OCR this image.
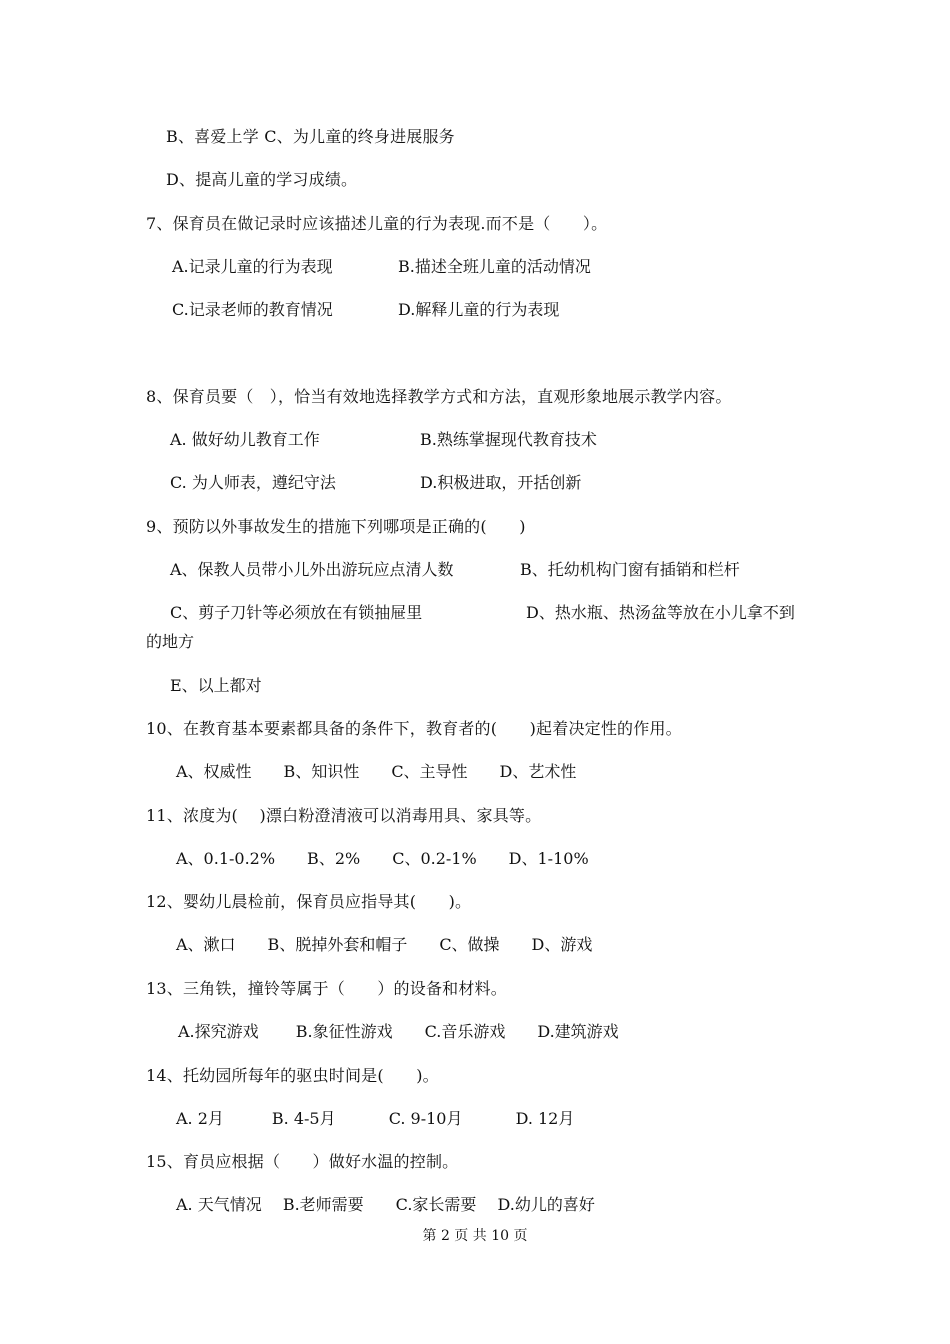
B、喜爱上学 C、为儿童的终身进展服务
D、提高儿童的学习成绩。
7、保育员在做记录时应该描述儿童的行为表现.而不是（　　）。
A.记录儿童的行为表现	B.描述全班儿童的活动情况
C.记录老师的教育情况	D.解释儿童的行为表现
8、保育员要（　），恰当有效地选择教学方式和方法，直观形象地展示教学内容。
A. 做好幼儿教育工作	B.熟练掌握现代教育技术
C. 为人师表，遵纪守法	D.积极进取，开括创新
9、预防以外事故发生的措施下列哪项是正确的(　　)
A、保教人员带小儿外出游玩应点清人数	B、托幼机构门窗有插销和栏杆
C、剪子刀针等必须放在有锁抽屉里	D、热水瓶、热汤盆等放在小儿拿不到
的地方
E、以上都对
10、在教育基本要素都具备的条件下，教育者的(　　)起着决定性的作用。
A、权威性　　B、知识性　　C、主导性　　D、艺术性
11、浓度为(　 )漂白粉澄清液可以消毒用具、家具等。
A、0.1-0.2%　　B、2%　　C、0.2-1%　　D、1-10%
12、婴幼儿晨检前，保育员应指导其(　　)。
A、漱口　　B、脱掉外套和帽子　　C、做操　　D、游戏
13、三角铁，撞铃等属于（　　）的设备和材料。
A.探究游戏　　 B.象征性游戏　　C.音乐游戏　　D.建筑游戏
14、托幼园所每年的驱虫时间是(　　)。
A. 2月　　　B. 4-5月　　　 C. 9-10月　　　 D. 12月
15、育员应根据（　　）做好水温的控制。
A. 天气情况　 B.老师需要　　C.家长需要　 D.幼儿的喜好
第 2 页 共 10 页
